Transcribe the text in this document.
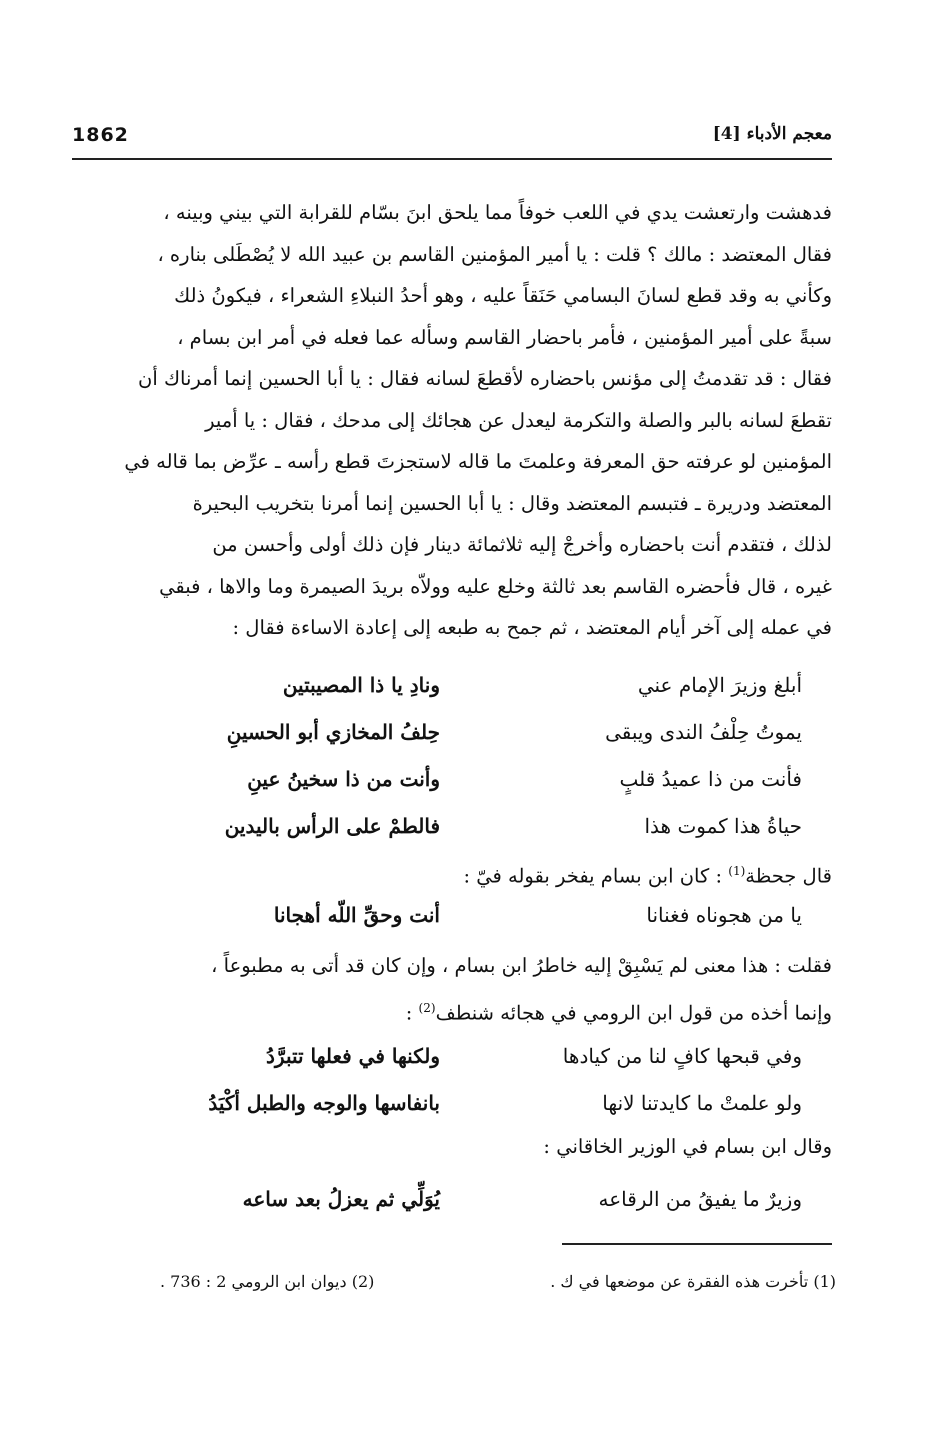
1862	معجم الأدباء [4]

فدهشت وارتعشت يدي في اللعب خوفاً مما يلحق ابنَ بسّام للقرابة التي بيني وبينه ،

فقال المعتضد : مالك ؟ قلت : يا أمير المؤمنين القاسم بن عبيد الله لا يُصْطَلى بناره ،

وكأني به وقد قطع لسانَ البسامي حَنَقاً عليه ، وهو أحدُ النبلاءِ الشعراء ، فيكونُ ذلك

سبةً على أمير المؤمنين ، فأمر باحضار القاسم وسأله عما فعله في أمر ابن بسام ،

فقال : قد تقدمتُ إلى مؤنس باحضاره لأقطعَ لسانه فقال : يا أبا الحسين إنما أمرناك أن

تقطعَ لسانه بالبر والصلة والتكرمة ليعدل عن هجائك إلى مدحك ، فقال : يا أمير

المؤمنين لو عرفته حق المعرفة وعلمتَ ما قاله لاستجزتَ قطع رأسه ـ عرِّض بما قاله في

المعتضد ودريرة ـ فتبسم المعتضد وقال : يا أبا الحسين إنما أمرنا بتخريب البحيرة

لذلك ، فتقدم أنت باحضاره وأخرجْ إليه ثلاثمائة دينار فإن ذلك أولى وأحسن من

غيره ، قال فأحضره القاسم بعد ثالثة وخلع عليه وولاّه بريدَ الصيمرة وما والاها ، فبقي

في عمله إلى آخر أيام المعتضد ، ثم جمح به طبعه إلى إعادة الاساءة فقال :

أبلغ وزيرَ الإمام عني
ونادِ يا ذا المصيبتين
يموتُ حِلْفُ الندى ويبقى
حِلفُ المخازي أبو الحسينِ
فأنت من ذا عميدُ قلبٍ
وأنت من ذا سخينُ عينِ
حياةُ هذا كموت هذا
فالطمْ على الرأس باليدين
قال جحظة$^{(1)}$ : كان ابن بسام يفخر بقوله فيّ :
يا من هجوناه فغنانا
أنت وحقِّ اللّه أهجانا
فقلت : هذا معنى لم يَسْبِقْ إليه خاطرُ ابن بسام ، وإن كان قد أتى به مطبوعاً ،
وإنما أخذه من قول ابن الرومي في هجائه شنطف$^{(2)}$ :
وفي قبحها كافٍ لنا من كيادها
ولكنها في فعلها تتبرَّدُ
ولو علمتْ ما كايدتنا لانها
بانفاسها والوجه والطبل أكْيَدُ
وقال ابن بسام في الوزير الخاقاني :
وزيرٌ ما يفيقُ من الرقاعه
يُوَلِّي ثم يعزلُ بعد ساعه
(1) تأخرت هذه الفقرة عن موضعها في ك .
(2) ديوان ابن الرومي 2 : 736 .
